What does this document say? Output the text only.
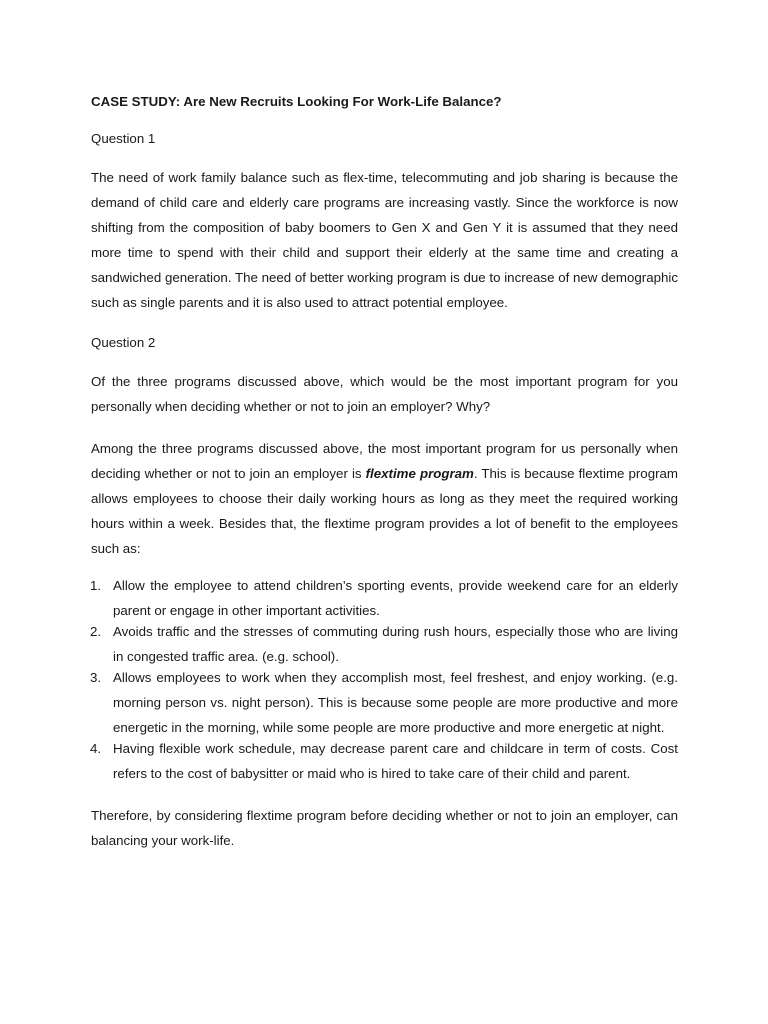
CASE STUDY: Are New Recruits Looking For Work-Life Balance?

Question 1

The need of work family balance such as flex-time, telecommuting and job sharing is because the demand of child care and elderly care programs are increasing vastly. Since the workforce is now shifting from the composition of baby boomers to Gen X and Gen Y it is assumed that they need more time to spend with their child and support their elderly at the same time and creating a sandwiched generation. The need of better working program is due to increase of new demographic such as single parents and it is also used to attract potential employee.

Question 2

Of the three programs discussed above, which would be the most important program for you personally when deciding whether or not to join an employer? Why?

Among the three programs discussed above, the most important program for us personally when deciding whether or not to join an employer is flextime program. This is because flextime program allows employees to choose their daily working hours as long as they meet the required working hours within a week. Besides that, the flextime program provides a lot of benefit to the employees such as:

1. Allow the employee to attend children’s sporting events, provide weekend care for an elderly parent or engage in other important activities.
2. Avoids traffic and the stresses of commuting during rush hours, especially those who are living in congested traffic area. (e.g. school).
3. Allows employees to work when they accomplish most, feel freshest, and enjoy working. (e.g. morning person vs. night person). This is because some people are more productive and more energetic in the morning, while some people are more productive and more energetic at night.
4. Having flexible work schedule, may decrease parent care and childcare in term of costs. Cost refers to the cost of babysitter or maid who is hired to take care of their child and parent.

Therefore, by considering flextime program before deciding whether or not to join an employer, can balancing your work-life.
